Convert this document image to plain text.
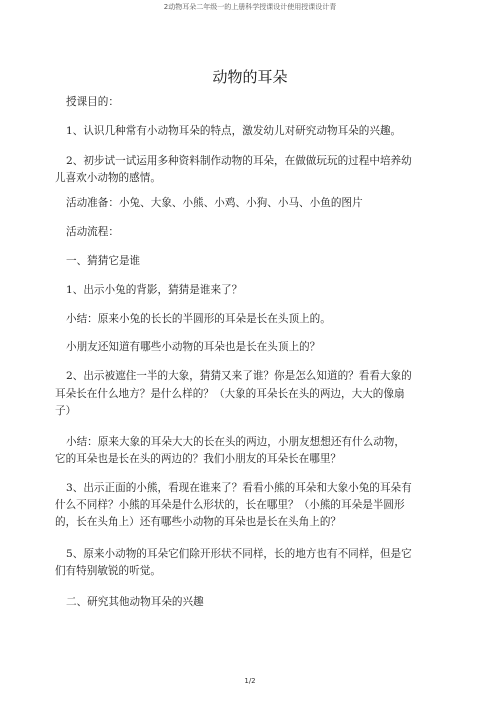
2动物耳朵二年级一的上册科学授课设计使用授课设计青
动物的耳朵
授课目的：
1、认识几种常有小动物耳朵的特点，激发幼儿对研究动物耳朵的兴趣。
2、初步试一试运用多种资料制作动物的耳朵，在做做玩玩的过程中培养幼
儿喜欢小动物的感情。
活动准备：小兔、大象、小熊、小鸡、小狗、小马、小鱼的图片
活动流程：
一、猜猜它是谁
1、出示小兔的背影，猜猜是谁来了？
小结：原来小兔的长长的半圆形的耳朵是长在头顶上的。
小朋友还知道有哪些小动物的耳朵也是长在头顶上的？
2、出示被遮住一半的大象，猜猜又来了谁？你是怎么知道的？看看大象的
耳朵长在什么地方？是什么样的？（大象的耳朵长在头的两边，大大的像扇
子）
小结：原来大象的耳朵大大的长在头的两边，小朋友想想还有什么动物，
它的耳朵也是长在头的两边的？我们小朋友的耳朵长在哪里？
3、出示正面的小熊，看现在谁来了？看看小熊的耳朵和大象小兔的耳朵有
什么不同样？小熊的耳朵是什么形状的，长在哪里？（小熊的耳朵是半圆形
的，长在头角上）还有哪些小动物的耳朵也是长在头角上的？
5、原来小动物的耳朵它们除开形状不同样，长的地方也有不同样，但是它
们有特别敏锐的听觉。
二、研究其他动物耳朵的兴趣
1/2
